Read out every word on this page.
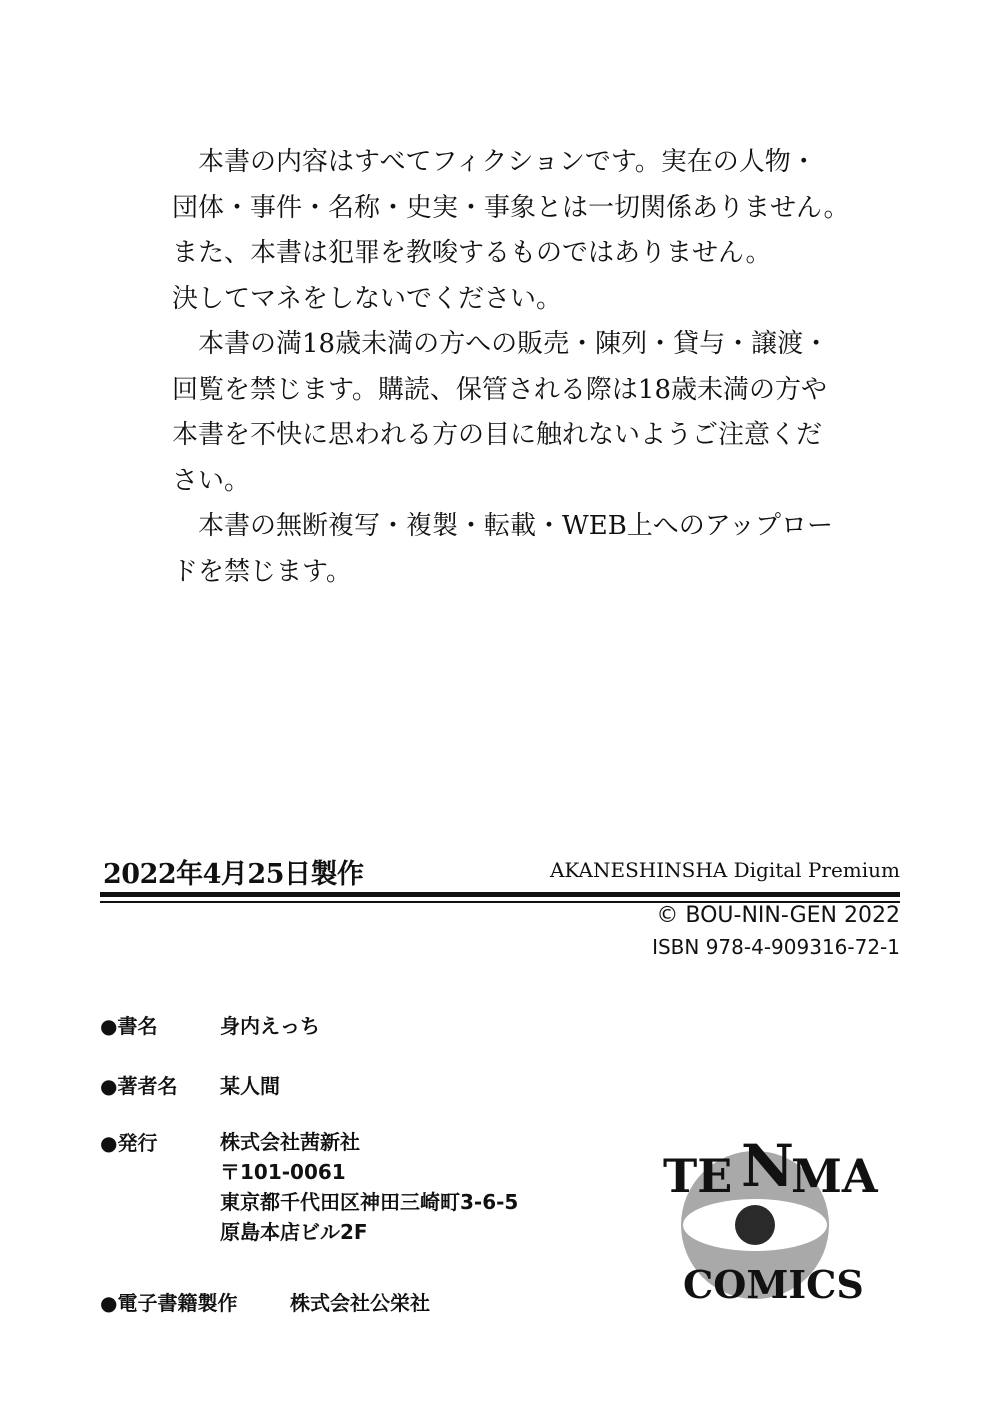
本書の内容はすべてフィクションです。実在の人物・
団体・事件・名称・史実・事象とは一切関係ありません。
また、本書は犯罪を教唆するものではありません。
決してマネをしないでください。

本書の満18歳未満の方への販売・陳列・貸与・譲渡・
回覧を禁じます。購読、保管される際は18歳未満の方や
本書を不快に思われる方の目に触れないようご注意くだ
さい。

本書の無断複写・複製・転載・WEB上へのアップロー
ドを禁じます。

2022年4月25日製作	AKANESHINSHA Digital Premium
© BOU-NIN-GEN 2022
ISBN 978-4-909316-72-1
●書名	身内えっち
●著者名 某人間
●発行	株式会社茜新社
〒101-0061
東京都千代田区神田三崎町3-6-5
原島本店ビル2F
●電子書籍製作	株式会社公栄社
TE N
MA
COMICS
